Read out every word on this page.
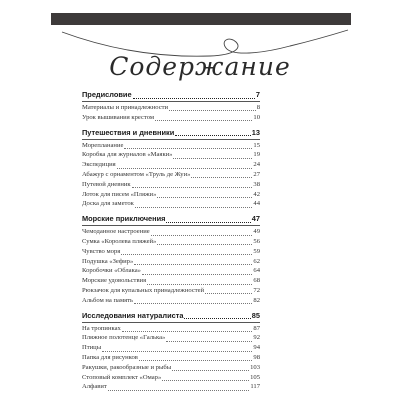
Содержание
Предисловие	7
Материалы и принадлежности	8
Урок вышивания крестом	10
Путешествия и дневники	13
Морепланание	15
Коробка для журналов «Маяки»	19
Экспедиция	24
Абажур с орнаментом «Труль де Жуи»	27
Путевой дневник	38
Лоток для писем «Пляжи»	42
Доска для заметок	44
Морские приключения	47
Чемоданное настроение	49
Сумка «Королева пляжей»	56
Чувство моря	59
Подушка «Зефир»	62
Коробочки «Облака»	64
Морские удовольствия	68
Рюкзачок для купальных принадлежностей	72
Альбом на память	82
Исследования натуралиста	85
На тропинках	87
Пляжное полотенце «Галька»	92
Птицы	94
Папка для рисунков	98
Ракушки, ракообразные и рыбы	103
Стоповый комплект «Омар»	105
Алфавит	117
